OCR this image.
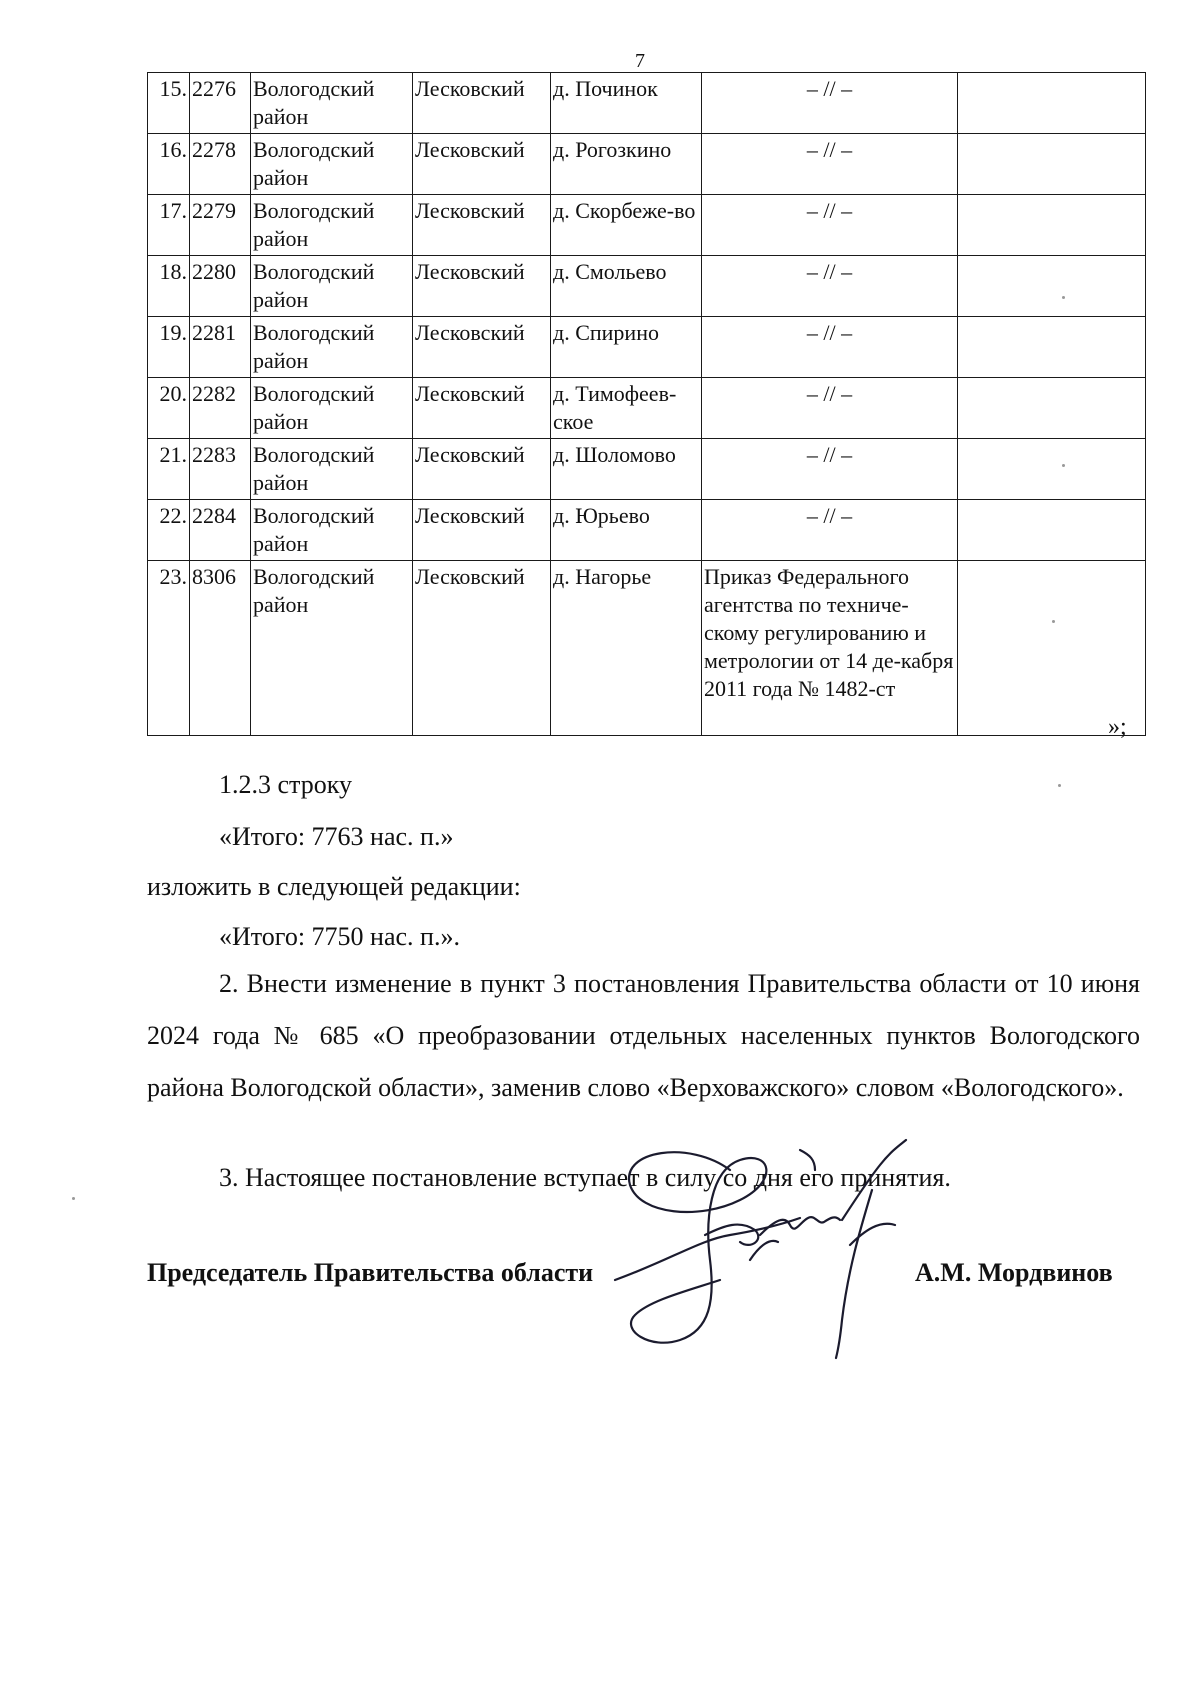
7
15.	2276	Вологодский район	Лесковский	д. Починок	– // –	
16.	2278	Вологодский район	Лесковский	д. Рогозкино	– // –	
17.	2279	Вологодский район	Лесковский	д. Скорбеже-во	– // –	
18.	2280	Вологодский район	Лесковский	д. Смольево	– // –	
19.	2281	Вологодский район	Лесковский	д. Спирино	– // –	
20.	2282	Вологодский район	Лесковский	д. Тимофеев-ское	– // –	
21.	2283	Вологодский район	Лесковский	д. Шоломово	– // –	
22.	2284	Вологодский район	Лесковский	д. Юрьево	– // –	
23.	8306	Вологодский район	Лесковский	д. Нагорье	Приказ Федерального агентства по техниче-скому регулированию и метрологии от 14 де-кабря 2011 года № 1482-ст	
»;
1.2.3 строку
«Итого: 7763 нас. п.»
изложить в следующей редакции:
«Итого: 7750 нас. п.».
2. Внести изменение в пункт 3 постановления Правительства области от 10 июня 2024 года № 685 «О преобразовании отдельных населенных пунктов Вологодского района Вологодской области», заменив слово «Верховажского» словом «Вологодского».
3. Настоящее постановление вступает в силу со дня его принятия.
Председатель Правительства области	А.М. Мордвинов
